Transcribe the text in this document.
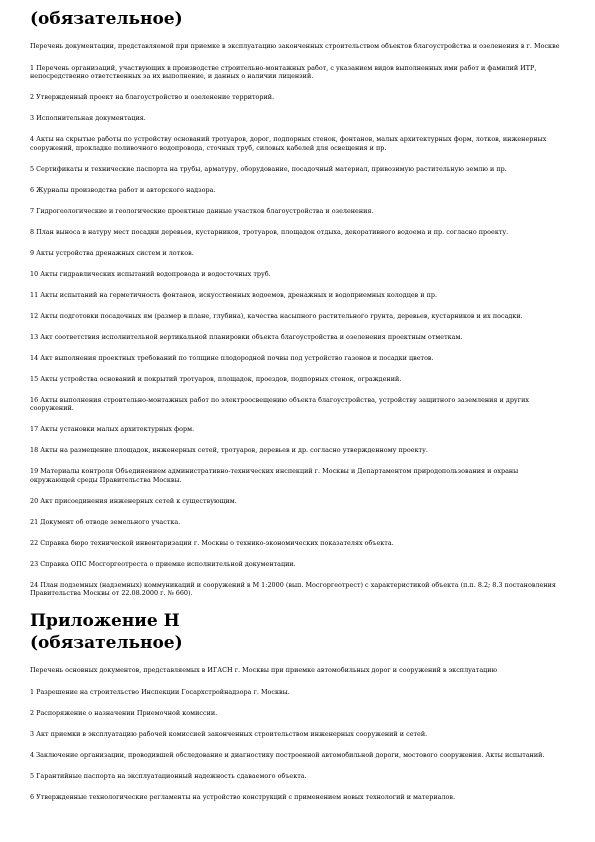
(обязательное)

Перечень документации, представляемой при приемке в эксплуатацию законченных строительством объектов благоустройства и озеленения в г. Москве

1 Перечень организаций, участвующих в производстве строительно-монтажных работ, с указанием видов выполненных ими работ и фамилий ИТР, непосредственно ответственных за их выполнение, и данных о наличии лицензий.

2 Утвержденный проект на благоустройство и озеленение территорий.

3 Исполнительная документация.

4 Акты на скрытые работы по устройству оснований тротуаров, дорог, подпорных стенок, фонтанов, малых архитектурных форм, лотков, инженерных сооружений, прокладке поливочного водопровода, сточных труб, силовых кабелей для освещения и пр.

5 Сертификаты и технические паспорта на трубы, арматуру, оборудование, посадочный материал, привозимую растительную землю и пр.

6 Журналы производства работ и авторского надзора.

7 Гидрогеологические и геологические проектные данные участков благоустройства и озеленения.

8 План выноса в натуру мест посадки деревьев, кустарников, тротуаров, площадок отдыха, декоративного водоема и пр. согласно проекту.

9 Акты устройства дренажных систем и лотков.

10 Акты гидравлических испытаний водопровода и водосточных труб.

11 Акты испытаний на герметичность фонтанов, искусственных водоемов, дренажных и водоприемных колодцев и пр.

12 Акты подготовки посадочных ям (размер в плане, глубина), качества насыпного растительного грунта, деревьев, кустарников и их посадки.

13 Акт соответствия исполнительной вертикальной планировки объекта благоустройства и озеленения проектным отметкам.

14 Акт выполнения проектных требований по толщине плодородной почвы под устройство газонов и посадки цветов.

15 Акты устройства оснований и покрытий тротуаров, площадок, проездов, подпорных стенок, ограждений.

16 Акты выполнения строительно-монтажных работ по электроосвещению объекта благоустройства, устройству защитного заземления и других сооружений.

17 Акты установки малых архитектурных форм.

18 Акты на размещение площадок, инженерных сетей, тротуаров, деревьев и др. согласно утвержденному проекту.

19 Материалы контроля Объединением административно-технических инспекций г. Москвы и Департаментом природопользования и охраны окружающей среды Правительства Москвы.

20 Акт присоединения инженерных сетей к существующим.

21 Документ об отводе земельного участка.

22 Справка бюро технической инвентаризации г. Москвы о технико-экономических показателях объекта.

23 Справка ОПС Мосгоргеотреста о приемке исполнительной документации.

24 План подземных (надземных) коммуникаций и сооружений в М 1:2000 (вып. Мосгоргеотрест) с характеристикой объекта (п.п. 8.2; 8.3 постановления Правительства Москвы от 22.08.2000 г. № 660).

Приложение Н
(обязательное)

Перечень основных документов, представляемых в ИГАСН г. Москвы при приемке автомобильных дорог и сооружений в эксплуатацию

1 Разрешение на строительство Инспекции Госархстройнадзора г. Москвы.

2 Распоряжение о назначении Приемочной комиссии.

3 Акт приемки в эксплуатацию рабочей комиссией законченных строительством инженерных сооружений и сетей.

4 Заключение организации, проводившей обследование и диагностику построенной автомобильной дороги, мостового сооружения. Акты испытаний.

5 Гарантийные паспорта на эксплуатационный надежность сдаваемого объекта.

6 Утвержденные технологические регламенты на устройство конструкций с применением новых технологий и материалов.
